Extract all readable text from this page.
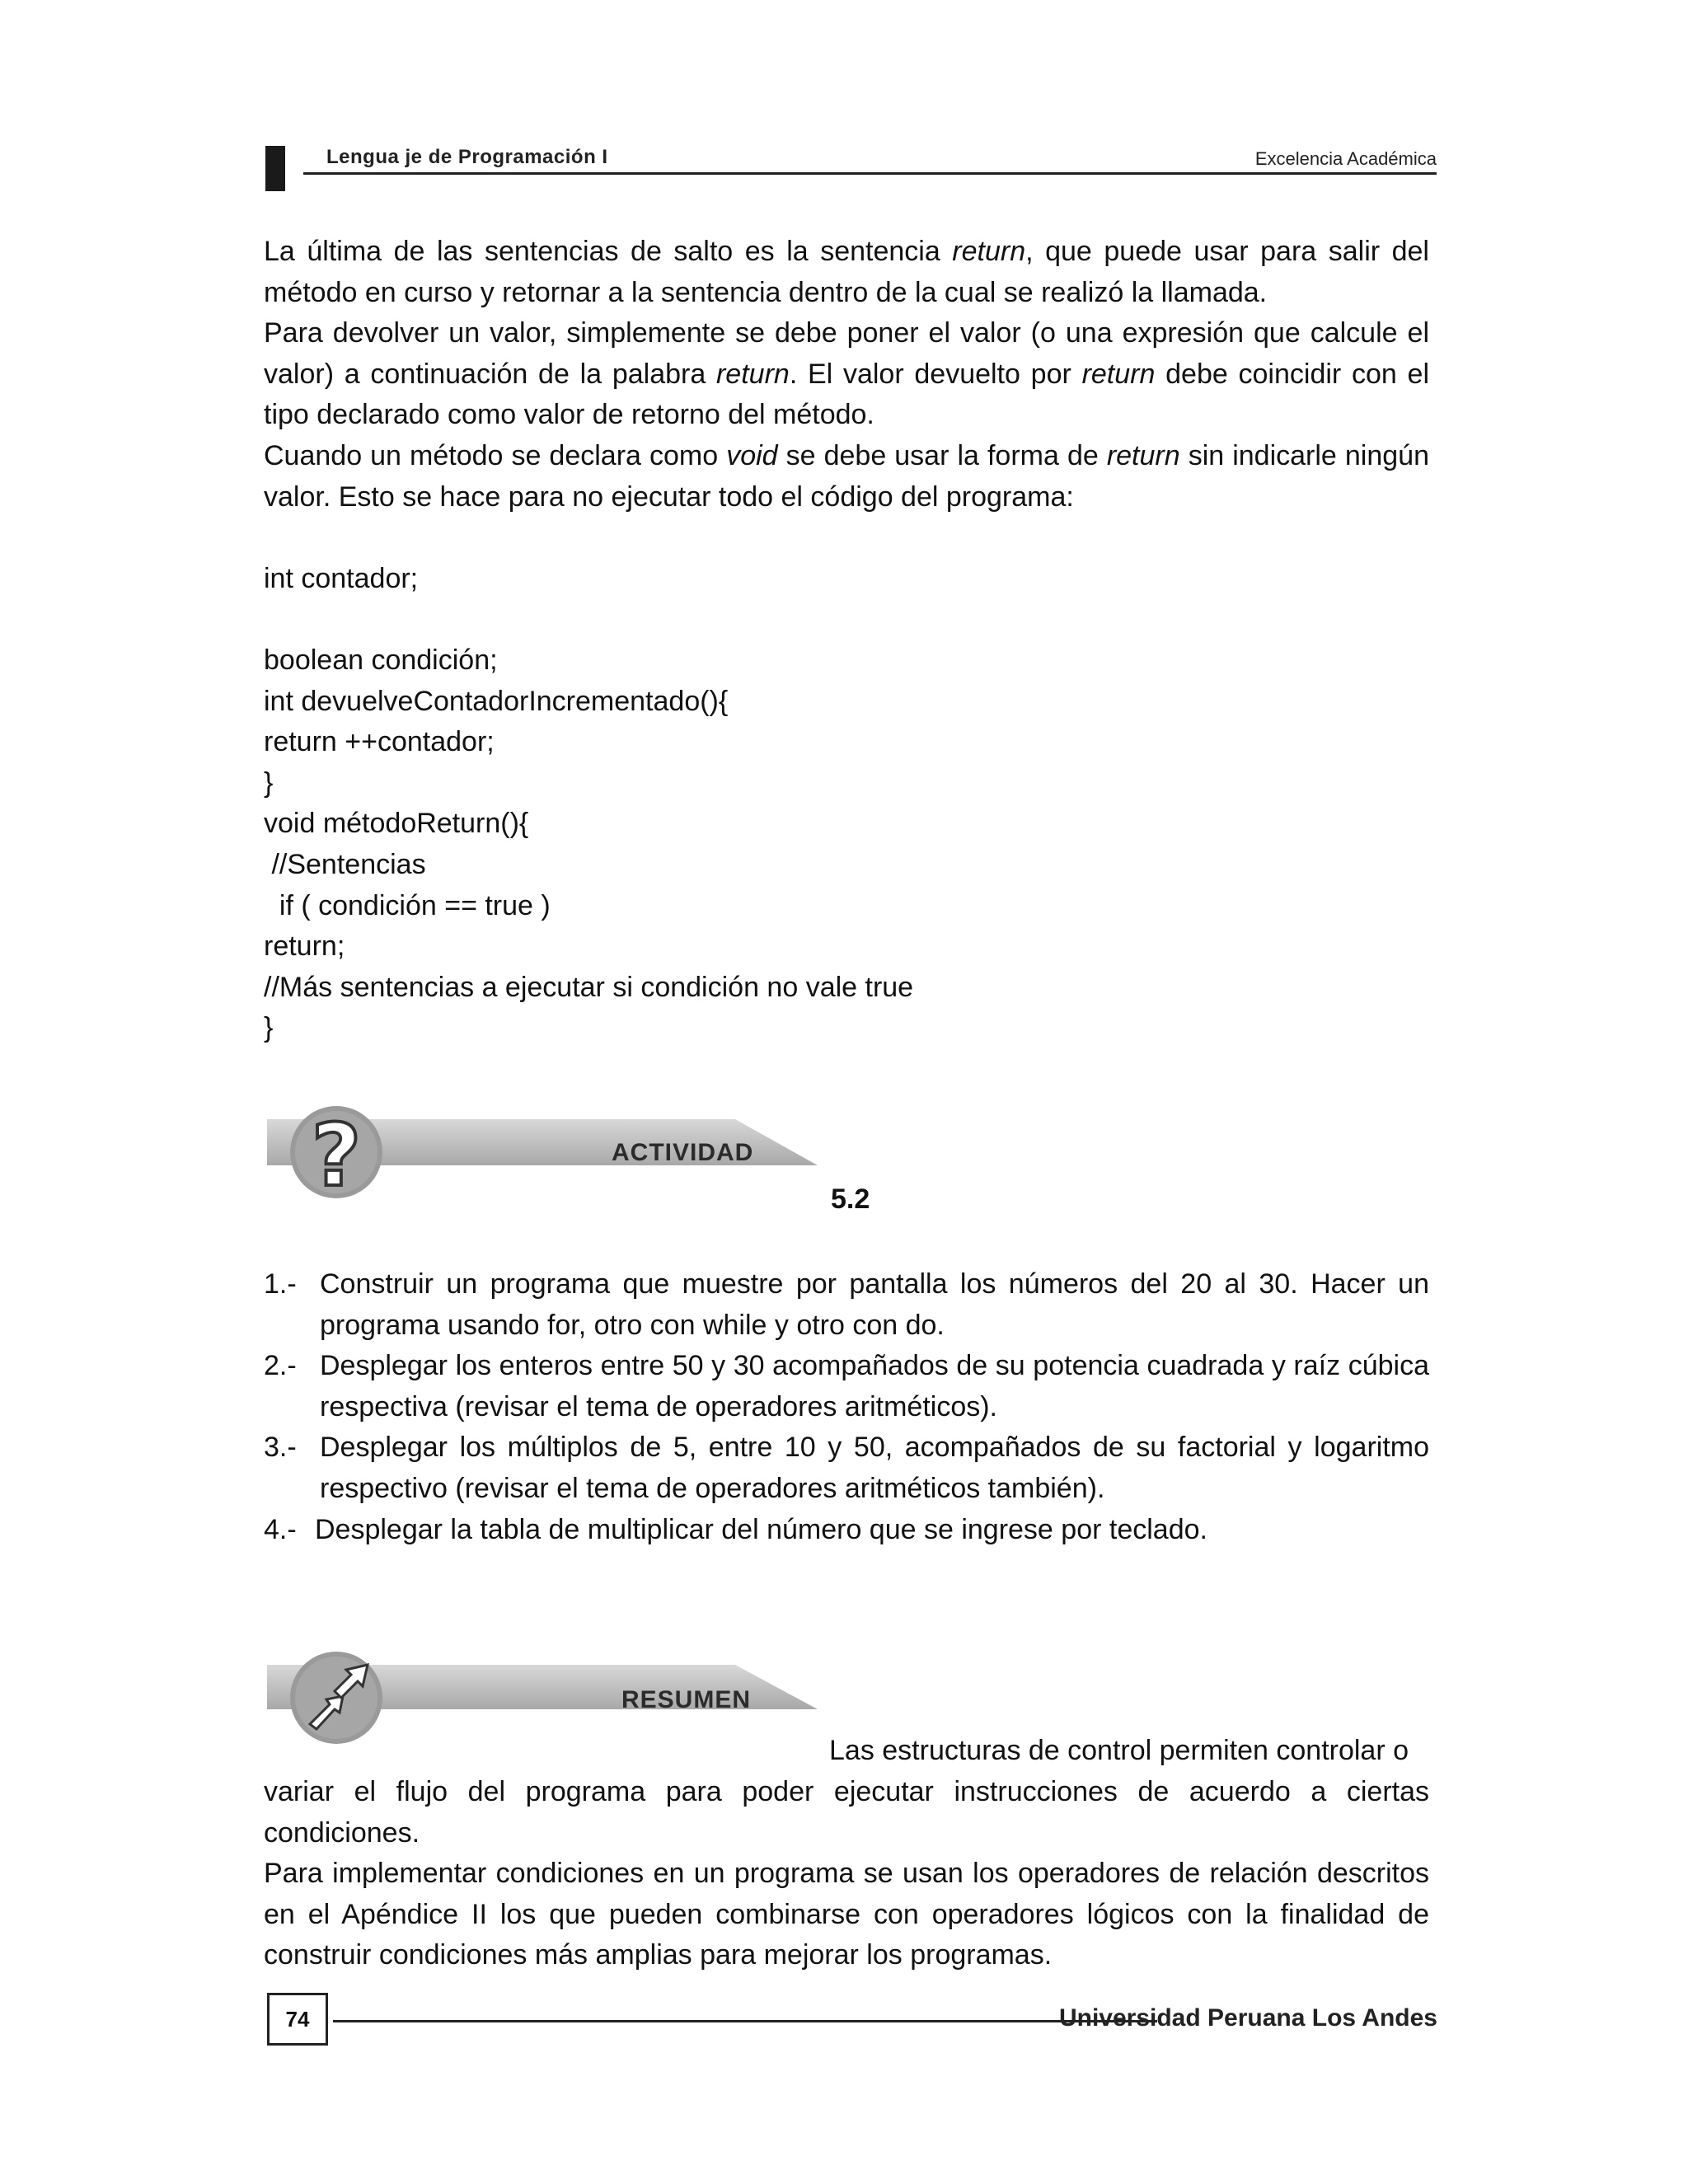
Lengua je de Programación I	Excelencia Académica

La última de las sentencias de salto es la sentencia return, que puede usar para salir del método en curso y retornar a la sentencia dentro de la cual se realizó la llamada.

Para devolver un valor, simplemente se debe poner el valor (o una expresión que calcule el valor) a continuación de la palabra return. El valor devuelto por return debe coincidir con el tipo declarado como valor de retorno del método.

Cuando un método se declara como void se debe usar la forma de return sin indicarle ningún valor. Esto se hace para no ejecutar todo el código del programa:

int contador;
boolean condición;
int devuelveContadorIncrementado(){
return ++contador;
}
void métodoReturn(){
//Sentencias
if ( condición == true )
return;
//Más sentencias a ejecutar si condición no vale true
}
?	ACTIVIDAD
5.2
1.- Construir un programa que muestre por pantalla los números del 20 al 30. Hacer un programa usando for, otro con while y otro con do.
2.- Desplegar los enteros entre 50 y 30 acompañados de su potencia cuadrada y raíz cúbica respectiva (revisar el tema de operadores aritméticos).
3.- Desplegar los múltiplos de 5, entre 10 y 50, acompañados de su factorial y logaritmo respectivo (revisar el tema de operadores aritméticos también).
4.- Desplegar la tabla de multiplicar del número que se ingrese por teclado.
RESUMEN
Las estructuras de control permiten controlar o

variar el flujo del programa para poder ejecutar instrucciones de acuerdo a ciertas condiciones.

Para implementar condiciones en un programa se usan los operadores de relación descritos en el Apéndice II los que pueden combinarse con operadores lógicos con la finalidad de construir condiciones más amplias para mejorar los programas.

74	Universidad Peruana Los Andes
